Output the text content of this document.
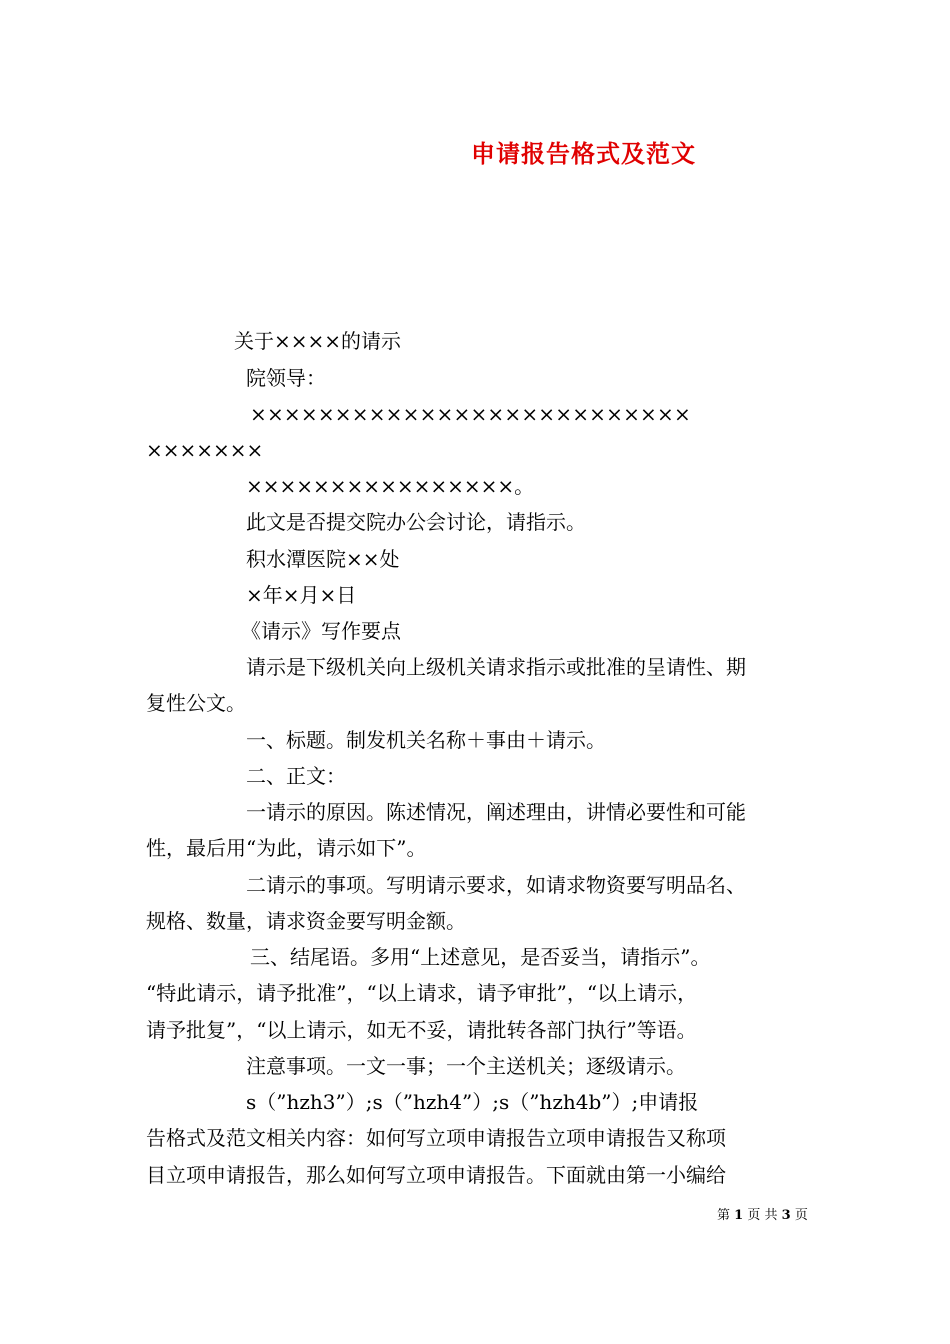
申请报告格式及范文
关于××××的请示
院领导：
××××××××××××××××××××××××××
×××××××
××××××××××××××××。
此文是否提交院办公会讨论，请指示。
积水潭医院××处
×年×月×日
《请示》写作要点
请示是下级机关向上级机关请求指示或批准的呈请性、期
复性公文。
一、标题。制发机关名称＋事由＋请示。
二、正文：
一请示的原因。陈述情况，阐述理由，讲情必要性和可能
性，最后用“为此，请示如下”。
二请示的事项。写明请示要求，如请求物资要写明品名、
规格、数量，请求资金要写明金额。
三、结尾语。多用“上述意见，是否妥当，请指示”。
“特此请示，请予批准”，“以上请求，请予审批”，“以上请示，
请予批复”，“以上请示，如无不妥，请批转各部门执行”等语。
注意事项。一文一事；一个主送机关；逐级请示。
s（”hzh3”）;s（”hzh4”）;s（”hzh4b”）;申请报
告格式及范文相关内容：如何写立项申请报告立项申请报告又称项
目立项申请报告，那么如何写立项申请报告。下面就由第一小编给
第 1 页 共 3 页
